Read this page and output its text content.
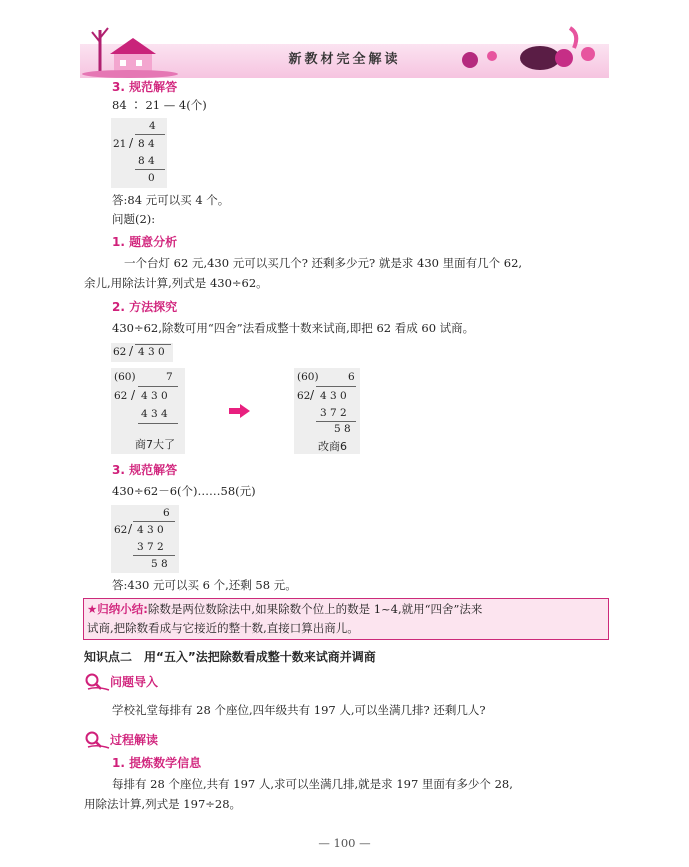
新教材完全解读
3. 规范解答
84 ∶ 21 — 4(个)
4
21 / 8 4
8 4
0
答:84 元可以买 4 个。
问题(2):
1. 题意分析
一个台灯 62 元,430 元可以买几个? 还剩多少元? 就是求 430 里面有几个 62,
余儿,用除法计算,列式是 430÷62。
2. 方法探究
430÷62,除数可用“四舍”法看成整十数来试商,即把 62 看成 60 试商。
62 / 4 3 0
(60)	7
62 / 4 3 0
4 3 4
商7大了
(60)	6
62 / 4 3 0
3 7 2
5 8
改商6
3. 规范解答
430÷62－6(个)……58(元)
6
62 / 4 3 0
3 7 2
5 8
答:430 元可以买 6 个,还剩 58 元。
★归纳小结:除数是两位数除法中,如果除数个位上的数是 1~4,就用“四舍”法来
试商,把除数看成与它接近的整十数,直接口算出商儿。
知识点二　用“五入”法把除数看成整十数来试商并调商
问题导入
学校礼堂每排有 28 个座位,四年级共有 197 人,可以坐满几排? 还剩几人?
过程解读
1. 提炼数学信息
每排有 28 个座位,共有 197 人,求可以坐满几排,就是求 197 里面有多少个 28,
用除法计算,列式是 197÷28。
— 100 —
